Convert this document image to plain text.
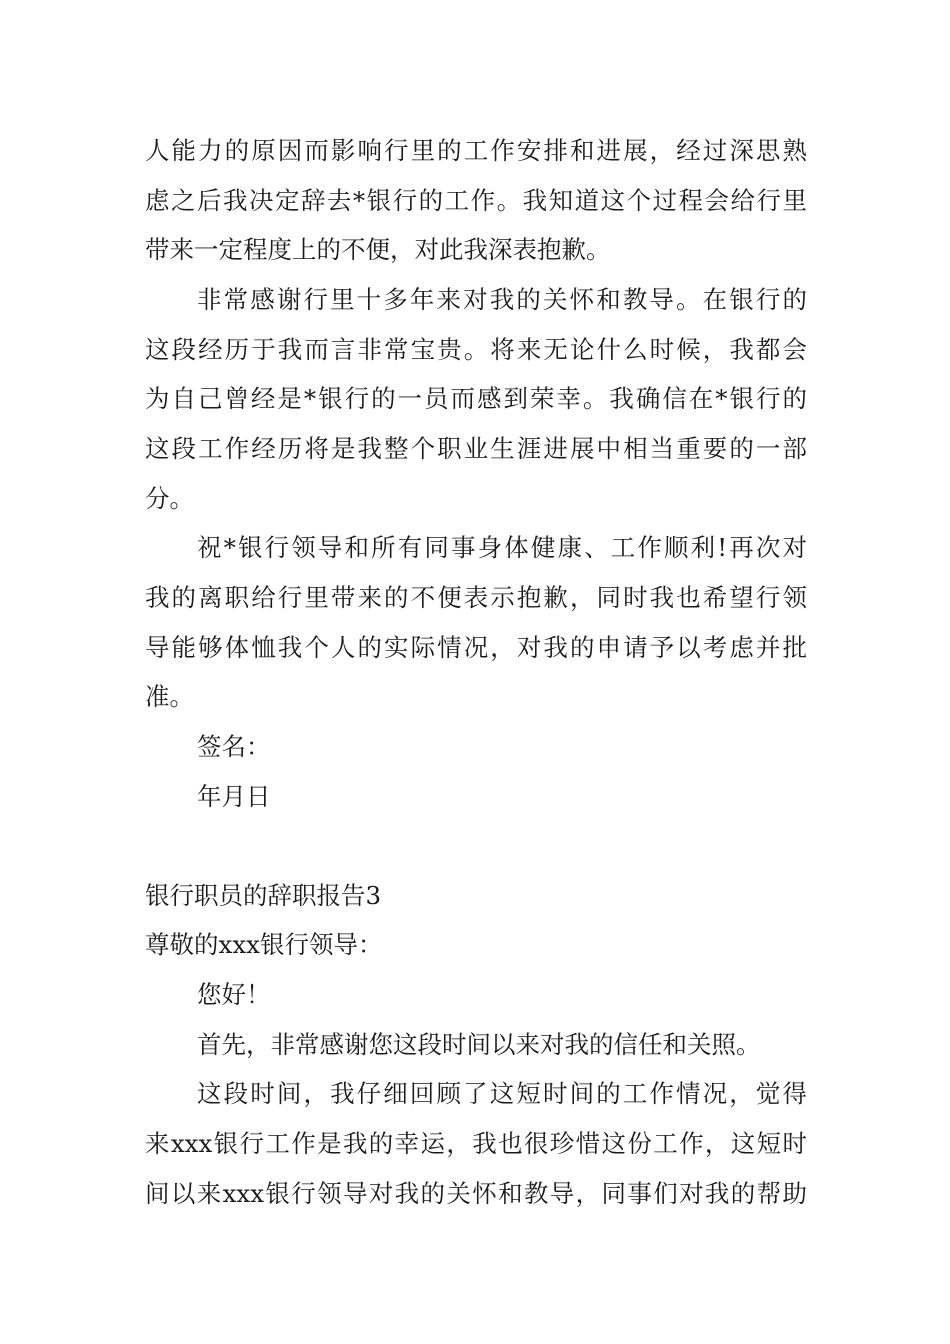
人能力的原因而影响行里的工作安排和进展，经过深思熟
虑之后我决定辞去*银行的工作。我知道这个过程会给行里
带来一定程度上的不便，对此我深表抱歉。
非常感谢行里十多年来对我的关怀和教导。在银行的
这段经历于我而言非常宝贵。将来无论什么时候，我都会
为自己曾经是*银行的一员而感到荣幸。我确信在*银行的
这段工作经历将是我整个职业生涯进展中相当重要的一部
分。
祝*银行领导和所有同事身体健康、工作顺利!再次对
我的离职给行里带来的不便表示抱歉，同时我也希望行领
导能够体恤我个人的实际情况，对我的申请予以考虑并批
准。
签名：
年月日
银行职员的辞职报告3
尊敬的xxx银行领导：
您好！
首先，非常感谢您这段时间以来对我的信任和关照。
这段时间，我仔细回顾了这短时间的工作情况，觉得
来xxx银行工作是我的幸运，我也很珍惜这份工作，这短时
间以来xxx银行领导对我的关怀和教导，同事们对我的帮助
